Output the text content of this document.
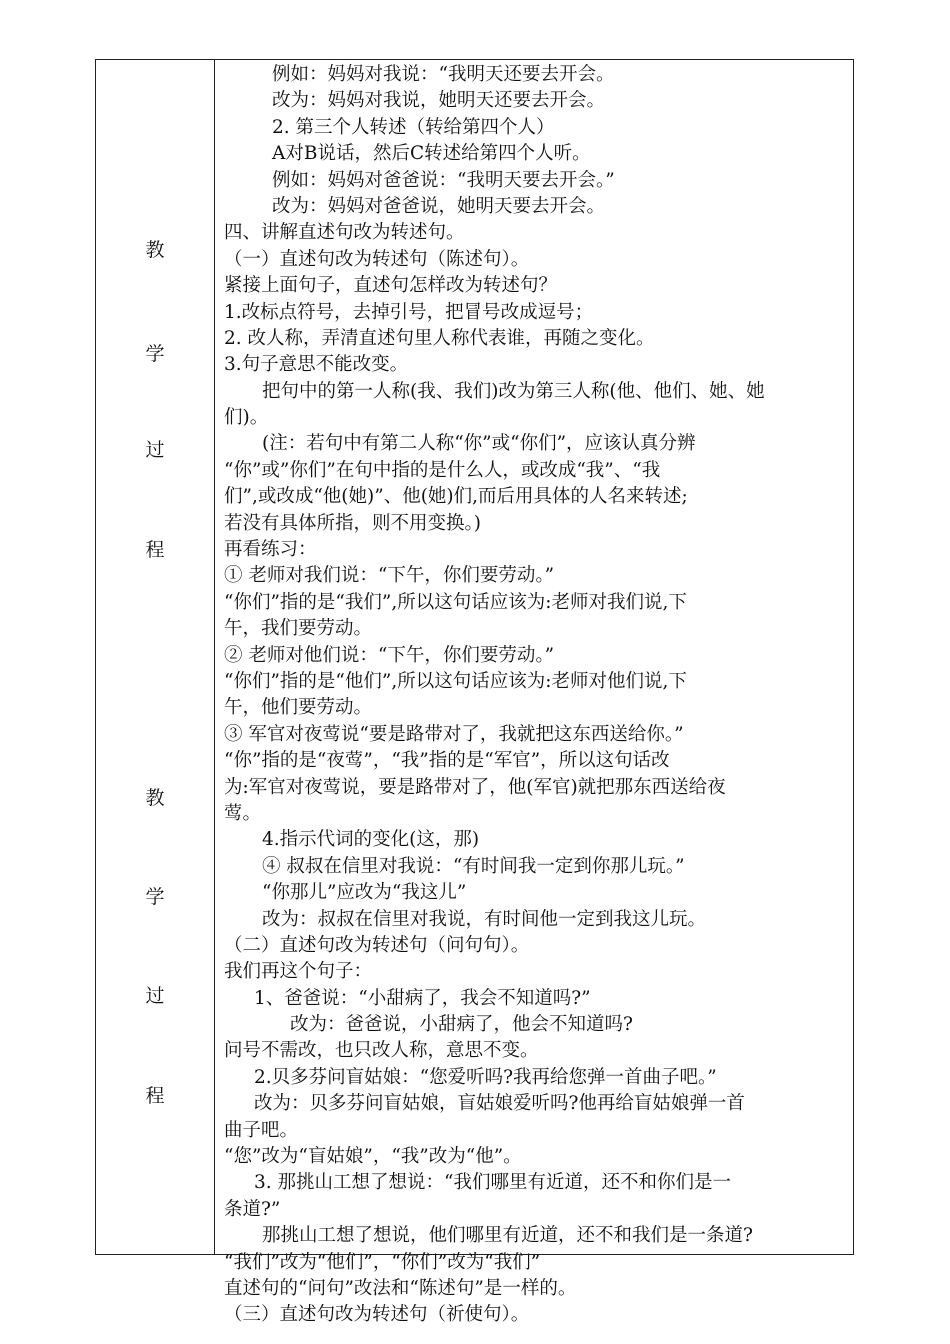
教
学
过
程
教
学
过
程
例如：妈妈对我说：“我明天还要去开会。
改为：妈妈对我说，她明天还要去开会。
2. 第三个人转述（转给第四个人）
A对B说话，然后C转述给第四个人听。
例如：妈妈对爸爸说：“我明天要去开会。”
改为：妈妈对爸爸说，她明天要去开会。
四、讲解直述句改为转述句。
（一）直述句改为转述句（陈述句）。
紧接上面句子，直述句怎样改为转述句？
1.改标点符号，去掉引号，把冒号改成逗号；
2. 改人称，弄清直述句里人称代表谁，再随之变化。
3.句子意思不能改变。
把句中的第一人称(我、我们)改为第三人称(他、他们、她、她
们)。
(注：若句中有第二人称“你”或“你们”，应该认真分辨
“你”或”你们”在句中指的是什么人，或改成“我”、“我
们”,或改成“他(她)”、他(她)们,而后用具体的人名来转述;
若没有具体所指，则不用变换。)
再看练习：
① 老师对我们说：“下午，你们要劳动。”
“你们”指的是“我们”,所以这句话应该为:老师对我们说,下
午，我们要劳动。
② 老师对他们说：“下午，你们要劳动。”
“你们”指的是“他们”,所以这句话应该为:老师对他们说,下
午，他们要劳动。
③ 军官对夜莺说“要是路带对了，我就把这东西送给你。”
“你”指的是“夜莺”，“我”指的是“军官”，所以这句话改
为:军官对夜莺说，要是路带对了，他(军官)就把那东西送给夜
莺。
4.指示代词的变化(这，那)
④ 叔叔在信里对我说：“有时间我一定到你那儿玩。”
“你那儿”应改为“我这儿”
改为：叔叔在信里对我说，有时间他一定到我这儿玩。
（二）直述句改为转述句（问句句）。
我们再这个句子：
1、爸爸说：“小甜病了，我会不知道吗?”
改为：爸爸说，小甜病了，他会不知道吗?
问号不需改，也只改人称，意思不变。
2.贝多芬问盲姑娘：“您爱听吗?我再给您弹一首曲子吧。”
改为：贝多芬问盲姑娘，盲姑娘爱听吗?他再给盲姑娘弹一首
曲子吧。
“您”改为“盲姑娘”，“我”改为“他”。
3. 那挑山工想了想说：“我们哪里有近道，还不和你们是一
条道?”
那挑山工想了想说，他们哪里有近道，还不和我们是一条道?
“我们”改为“他们”，“你们”改为“我们”
直述句的“问句”改法和“陈述句”是一样的。
（三）直述句改为转述句（祈使句）。
